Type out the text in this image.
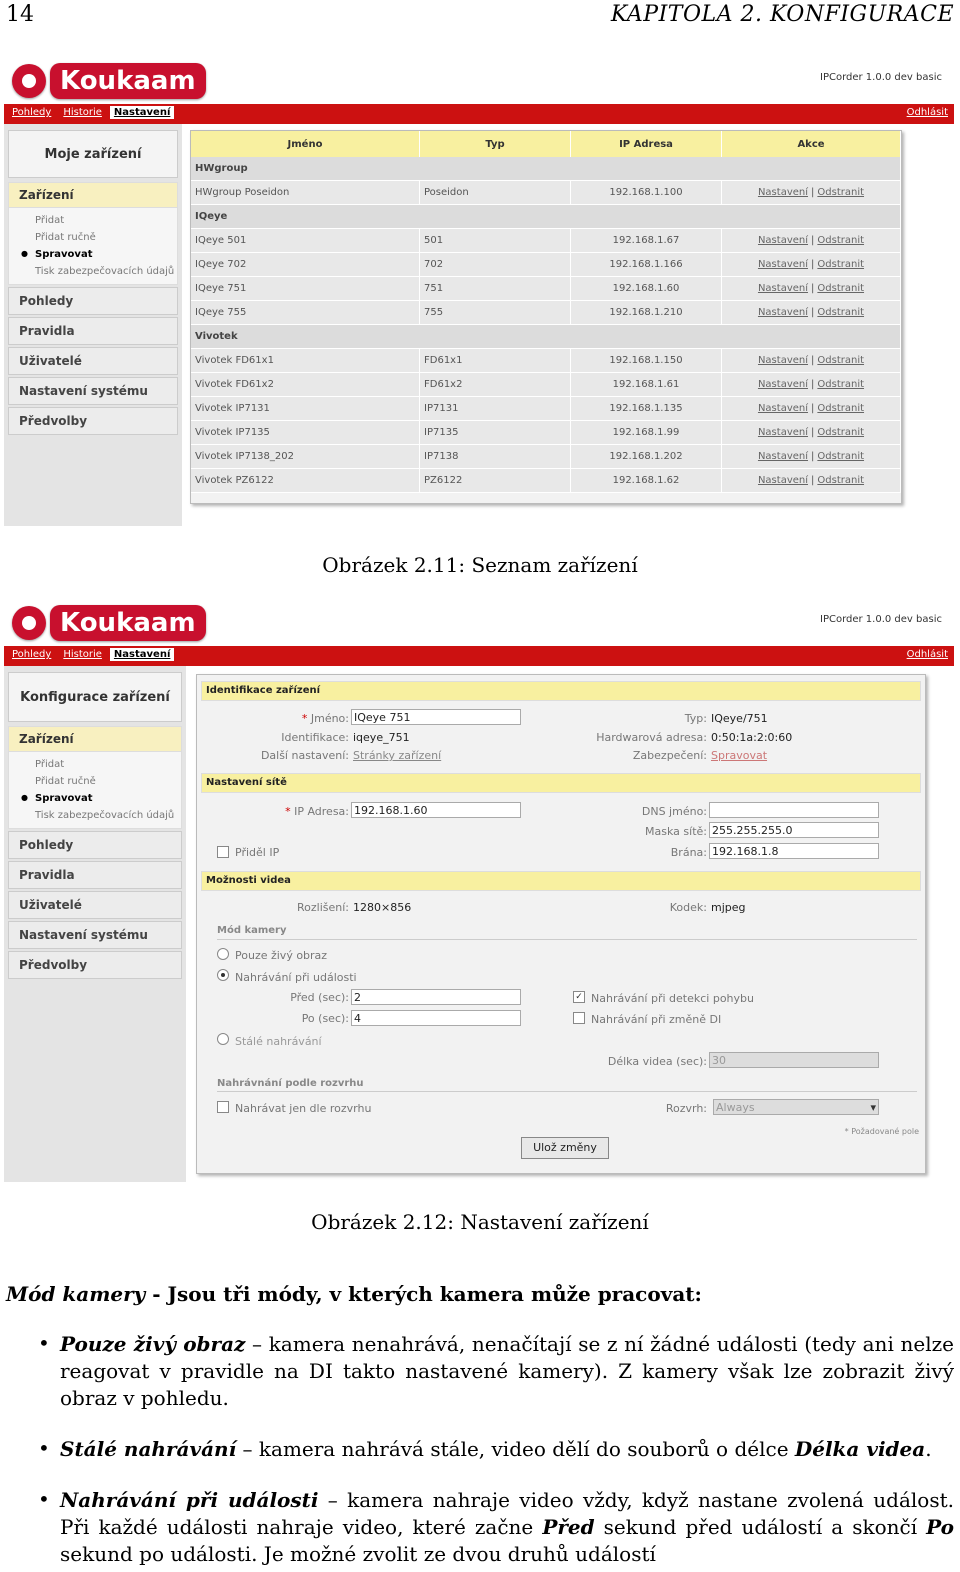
14	KAPITOLA 2. KONFIGURACE
Koukaam	IPCorder 1.0.0 dev basic
Pohledy	Historie	Nastavení	Odhlásit
Moje zařízení
Zařízení
Přidat
Přidat ručně
● Spravovat
Tisk zabezpečovacích údajů
Pohledy
Pravidla
Uživatelé
Nastavení systému
Předvolby
Jméno	Typ	IP Adresa	Akce
HWgroup			
HWgroup Poseidon	Poseidon	192.168.1.100	Nastavení | Odstranit
IQeye			
IQeye 501	501	192.168.1.67	Nastavení | Odstranit
IQeye 702	702	192.168.1.166	Nastavení | Odstranit
IQeye 751	751	192.168.1.60	Nastavení | Odstranit
IQeye 755	755	192.168.1.210	Nastavení | Odstranit
Vivotek			
Vivotek FD61x1	FD61x1	192.168.1.150	Nastavení | Odstranit
Vivotek FD61x2	FD61x2	192.168.1.61	Nastavení | Odstranit
Vivotek IP7131	IP7131	192.168.1.135	Nastavení | Odstranit
Vivotek IP7135	IP7135	192.168.1.99	Nastavení | Odstranit
Vivotek IP7138_202	IP7138	192.168.1.202	Nastavení | Odstranit
Vivotek PZ6122	PZ6122	192.168.1.62	Nastavení | Odstranit
Obrázek 2.11: Seznam zařízení
Koukaam	IPCorder 1.0.0 dev basic
Pohledy	Historie	Nastavení	Odhlásit
Konfigurace zařízení
Zařízení
Přidat
Přidat ručně
● Spravovat
Tisk zabezpečovacích údajů
Pohledy
Pravidla
Uživatelé
Nastavení systému
Předvolby
Identifikace zařízení
* Jméno: IQeye 751
Identifikace: iqeye_751
Další nastavení: Stránky zařízení
Typ: IQeye/751
Hardwarová adresa: 0:50:1a:2:0:60
Zabezpečení: Spravovat
Nastavení sítě
* IP Adresa: 192.168.1.60
Přiděl IP
DNS jméno:
Maska sítě: 255.255.255.0
Brána: 192.168.1.8
Možnosti videa
Rozlišení: 1280×856	Kodek: mjpeg
Mód kamery
Pouze živý obraz
Nahrávání při události
Před (sec): 2
Po (sec): 4
✓ Nahrávání při detekci pohybu
Nahrávání při změně DI
Stálé nahrávání
Délka videa (sec): 30
Nahrávnání podle rozvrhu
Nahrávat jen dle rozvrhu	Rozvrh: Always	▾
* Požadované pole
Ulož změny
Obrázek 2.12: Nastavení zařízení
Mód kamery - Jsou tři módy, v kterých kamera může pracovat:
• Pouze živý obraz – kamera nenahrává, nenačítají se z ní žádné události (tedy ani nelze reagovat v pravidle na DI takto nastavené kamery). Z kamery však lze zobrazit živý obraz v pohledu.
• Stálé nahrávání – kamera nahrává stále, video dělí do souborů o délce Délka videa.
• Nahrávání při události – kamera nahraje video vždy, když nastane zvolená událost. Při každé události nahraje video, které začne Před sekund před událostí a skončí Po sekund po události. Je možné zvolit ze dvou druhů událostí
